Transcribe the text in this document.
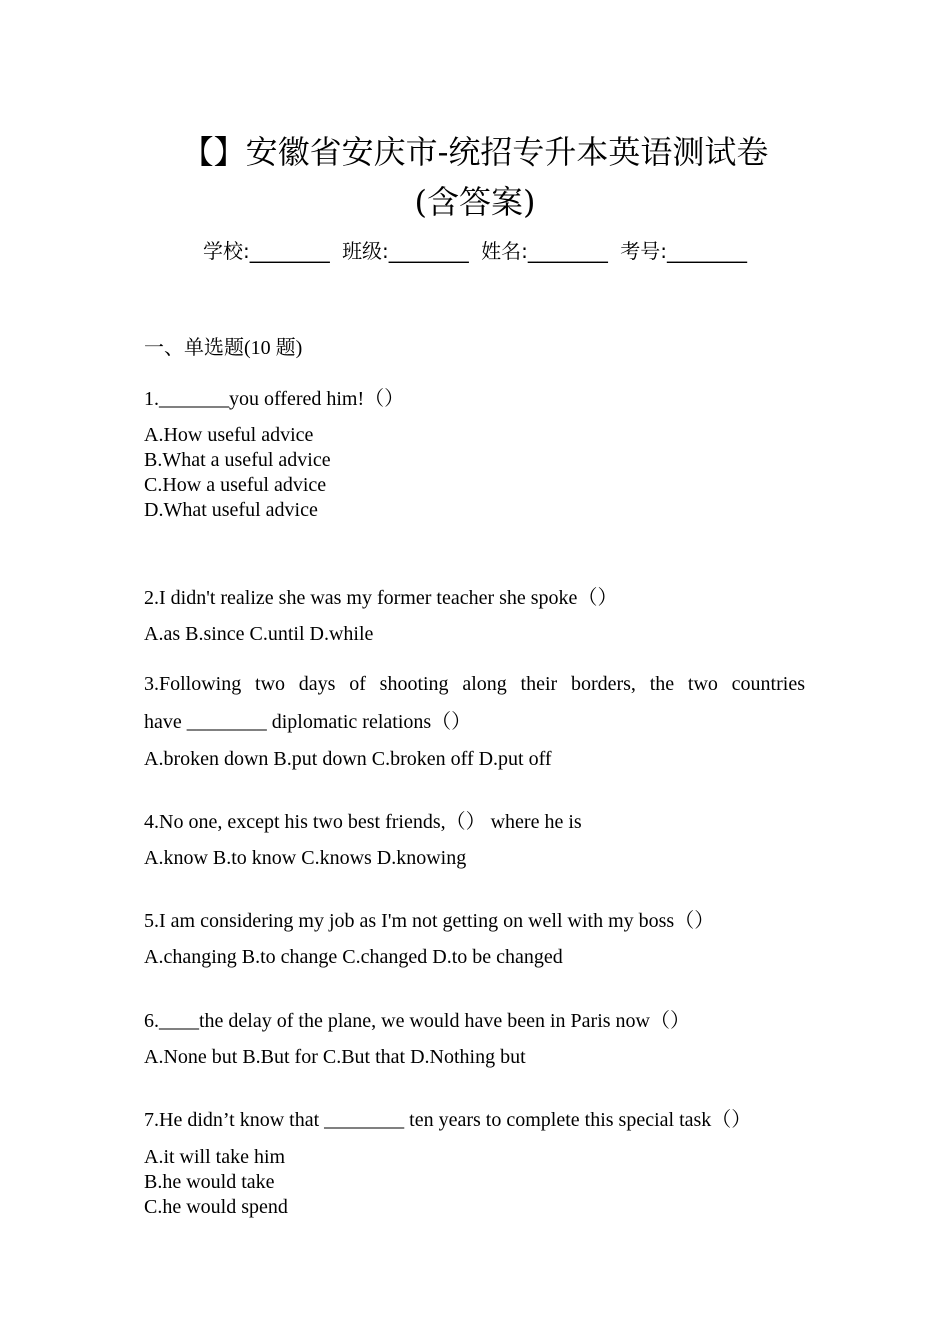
【】安徽省安庆市-统招专升本英语测试卷
(含答案)
学校:________ 班级:________ 姓名:________ 考号:________
一、单选题(10 题)
1._______you offered him!（）
A.How useful advice
B.What a useful advice
C.How a useful advice
D.What useful advice
2.I didn't realize she was my former teacher she spoke（）
A.as B.since C.until D.while
3.Following two days of shooting along their borders, the two countries
have ________ diplomatic relations（）
A.broken down B.put down C.broken off D.put off
4.No one, except his two best friends,（） where he is
A.know B.to know C.knows D.knowing
5.I am considering my job as I'm not getting on well with my boss（）
A.changing B.to change C.changed D.to be changed
6.____the delay of the plane, we would have been in Paris now（）
A.None but B.But for C.But that D.Nothing but
7.He didn’t know that ________ ten years to complete this special task（）
A.it will take him
B.he would take
C.he would spend
